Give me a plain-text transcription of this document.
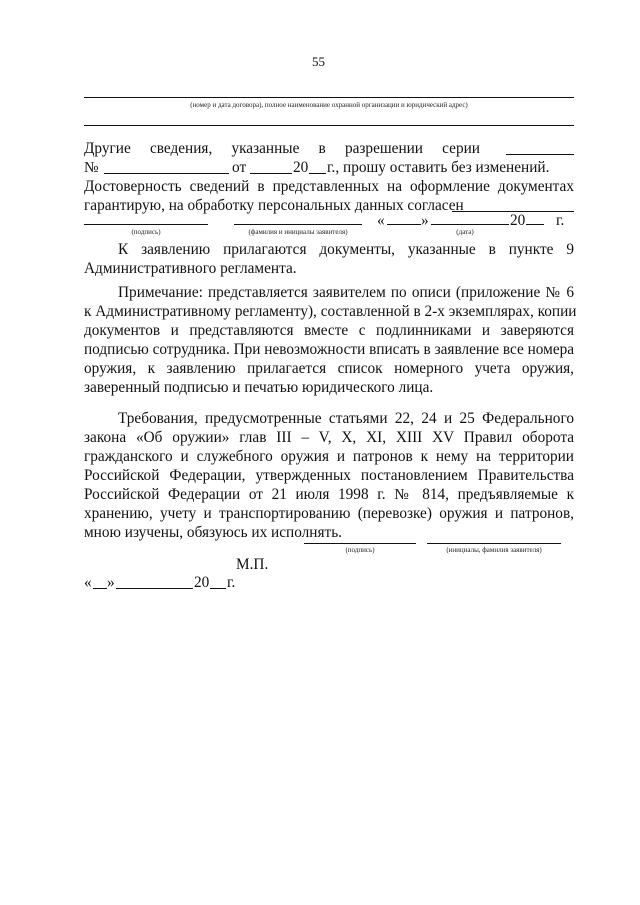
55
(номер и дата договора), полное наименование охранной организации и юридический адрес)
Другие сведения, указанные в разрешении серии
№	от	20 г., прошу оставить без изменений.
Достоверность сведений в представленных на оформление документах
гарантирую, на обработку персональных данных согласен
« »	20 г.
(подпись)	(фамилия и инициалы заявителя)	(дата)
К заявлению прилагаются документы, указанные в пункте 9
Административного регламента.
Примечание: представляется заявителем по описи (приложение № 6
к Административному регламенту), составленной в 2-х экземплярах, копии
документов и представляются вместе с подлинниками и заверяются
подписью сотрудника. При невозможности вписать в заявление все номера
оружия, к заявлению прилагается список номерного учета оружия,
заверенный подписью и печатью юридического лица.
Требования, предусмотренные статьями 22, 24 и 25 Федерального
закона «Об оружии» глав III – V, X, XI, XIII XV Правил оборота
гражданского и служебного оружия и патронов к нему на территории
Российской Федерации, утвержденных постановлением Правительства
Российской Федерации от 21 июля 1998 г. № 814, предъявляемые к
хранению, учету и транспортированию (перевозке) оружия и патронов,
мною изучены, обязуюсь их исполнять.
(подпись)	(инициалы, фамилия заявителя)
М.П.
« »	20 г.
